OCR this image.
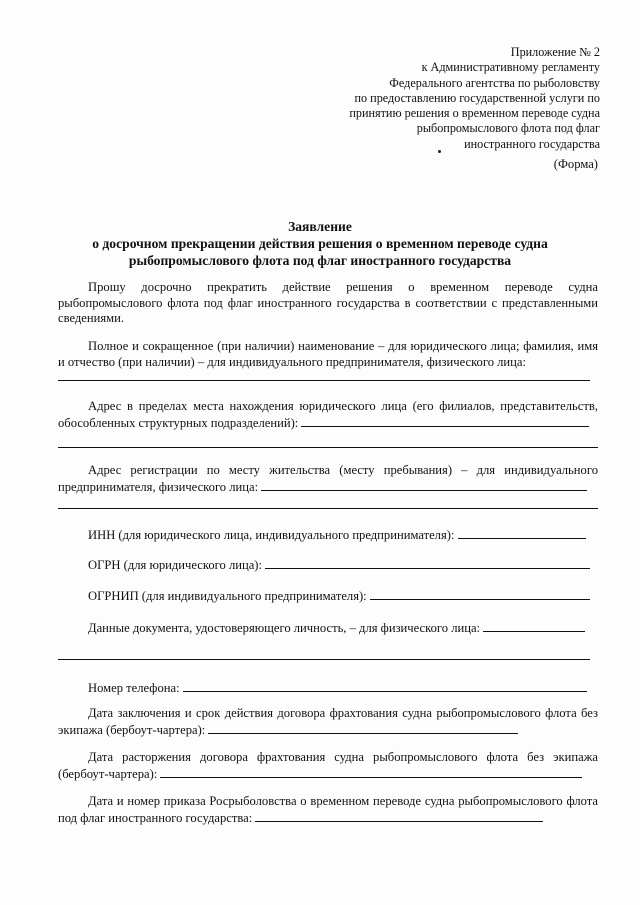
Приложение № 2
к Административному регламенту
Федерального агентства по рыболовству
по предоставлению государственной услуги по
принятию решения о временном переводе судна
рыбопромыслового флота под флаг
иностранного государства
(Форма)
Заявление
о досрочном прекращении действия решения о временном переводе судна
рыбопромыслового флота под флаг иностранного государства
Прошу досрочно прекратить действие решения о временном переводе судна рыбопромыслового флота под флаг иностранного государства в соответствии с представленными сведениями.
Полное и сокращенное (при наличии) наименование – для юридического лица; фамилия, имя и отчество (при наличии) – для индивидуального предпринимателя, физического лица:
Адрес в пределах места нахождения юридического лица (его филиалов, представительств, обособленных структурных подразделений):
Адрес регистрации по месту жительства (месту пребывания) – для индивидуального предпринимателя, физического лица:
ИНН (для юридического лица, индивидуального предпринимателя):
ОГРН (для юридического лица):
ОГРНИП (для индивидуального предпринимателя):
Данные документа, удостоверяющего личность, – для физического лица:
Номер телефона:
Дата заключения и срок действия договора фрахтования судна рыбопромыслового флота без экипажа (бербоут-чартера):
Дата расторжения договора фрахтования судна рыбопромыслового флота без экипажа (бербоут-чартера):
Дата и номер приказа Росрыболовства о временном переводе судна рыбопромыслового флота под флаг иностранного государства:
